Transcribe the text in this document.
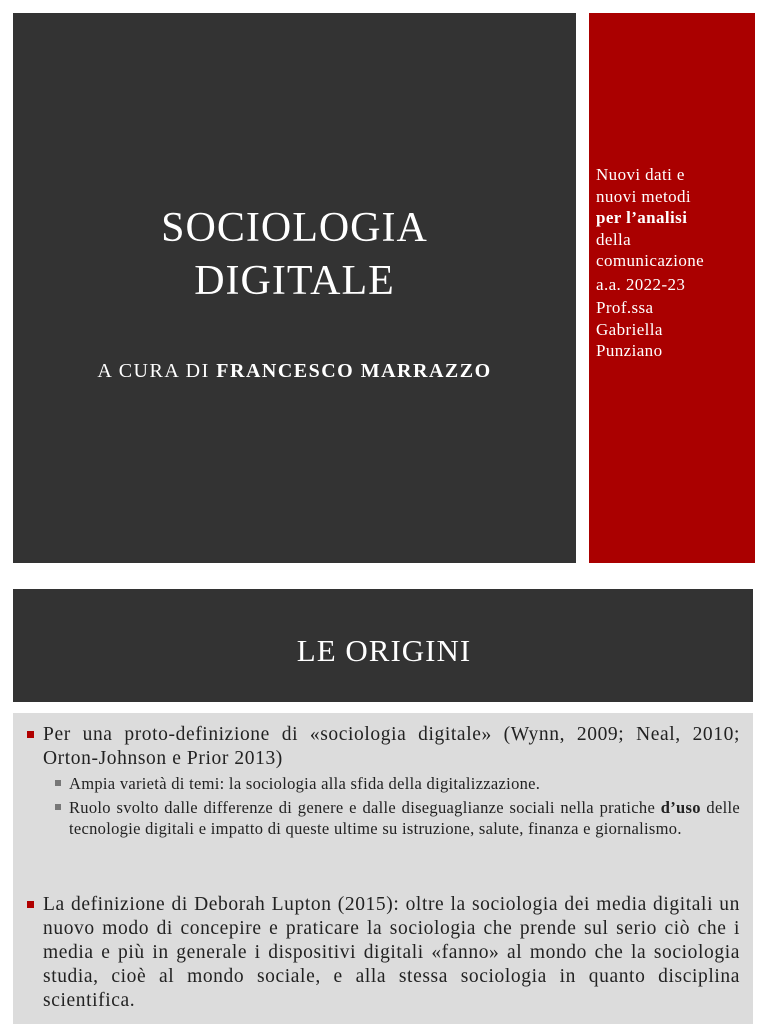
SOCIOLOGIA
DIGITALE
A CURA DI FRANCESCO MARRAZZO
Nuovi dati e
nuovi metodi
per l’analisi
della
comunicazione
a.a. 2022-23
Prof.ssa
Gabriella
Punziano
LE ORIGINI
Per una proto-definizione di «sociologia digitale» (Wynn, 2009; Neal, 2010; Orton-Johnson e Prior 2013)
Ampia varietà di temi: la sociologia alla sfida della digitalizzazione.
Ruolo svolto dalle differenze di genere e dalle diseguaglianze sociali nella pratiche d’uso delle tecnologie digitali e impatto di queste ultime su istruzione, salute, finanza e giornalismo.
La definizione di Deborah Lupton (2015): oltre la sociologia dei media digitali un nuovo modo di concepire e praticare la sociologia che prende sul serio ciò che i media e più in generale i dispositivi digitali «fanno» al mondo che la sociologia studia, cioè al mondo sociale, e alla stessa sociologia in quanto disciplina scientifica.
